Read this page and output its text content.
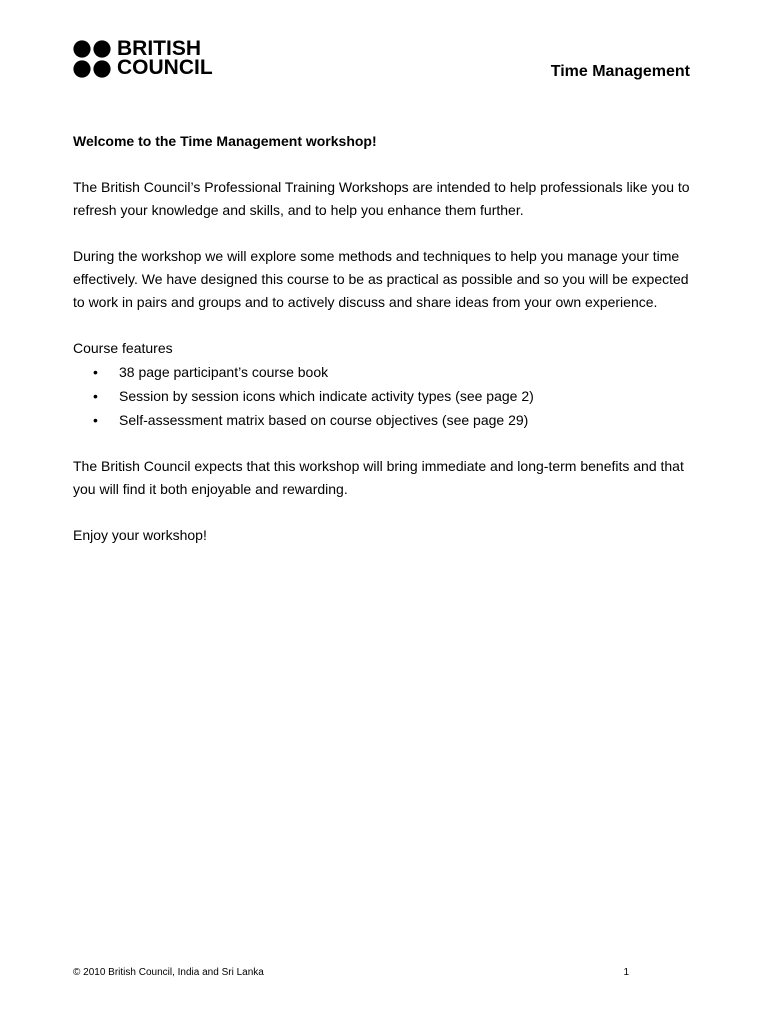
BRITISH
COUNCIL	Time Management

Welcome to the Time Management workshop!

The British Council’s Professional Training Workshops are intended to help professionals like you to refresh your knowledge and skills, and to help you enhance them further.

During the workshop we will explore some methods and techniques to help you manage your time effectively. We have designed this course to be as practical as possible and so you will be expected to work in pairs and groups and to actively discuss and share ideas from your own experience.

Course features

• 38 page participant’s course book
• Session by session icons which indicate activity types (see page 2)
• Self-assessment matrix based on course objectives (see page 29)

The British Council expects that this workshop will bring immediate and long-term benefits and that you will find it both enjoyable and rewarding.

Enjoy your workshop!

© 2010 British Council, India and Sri Lanka	1
